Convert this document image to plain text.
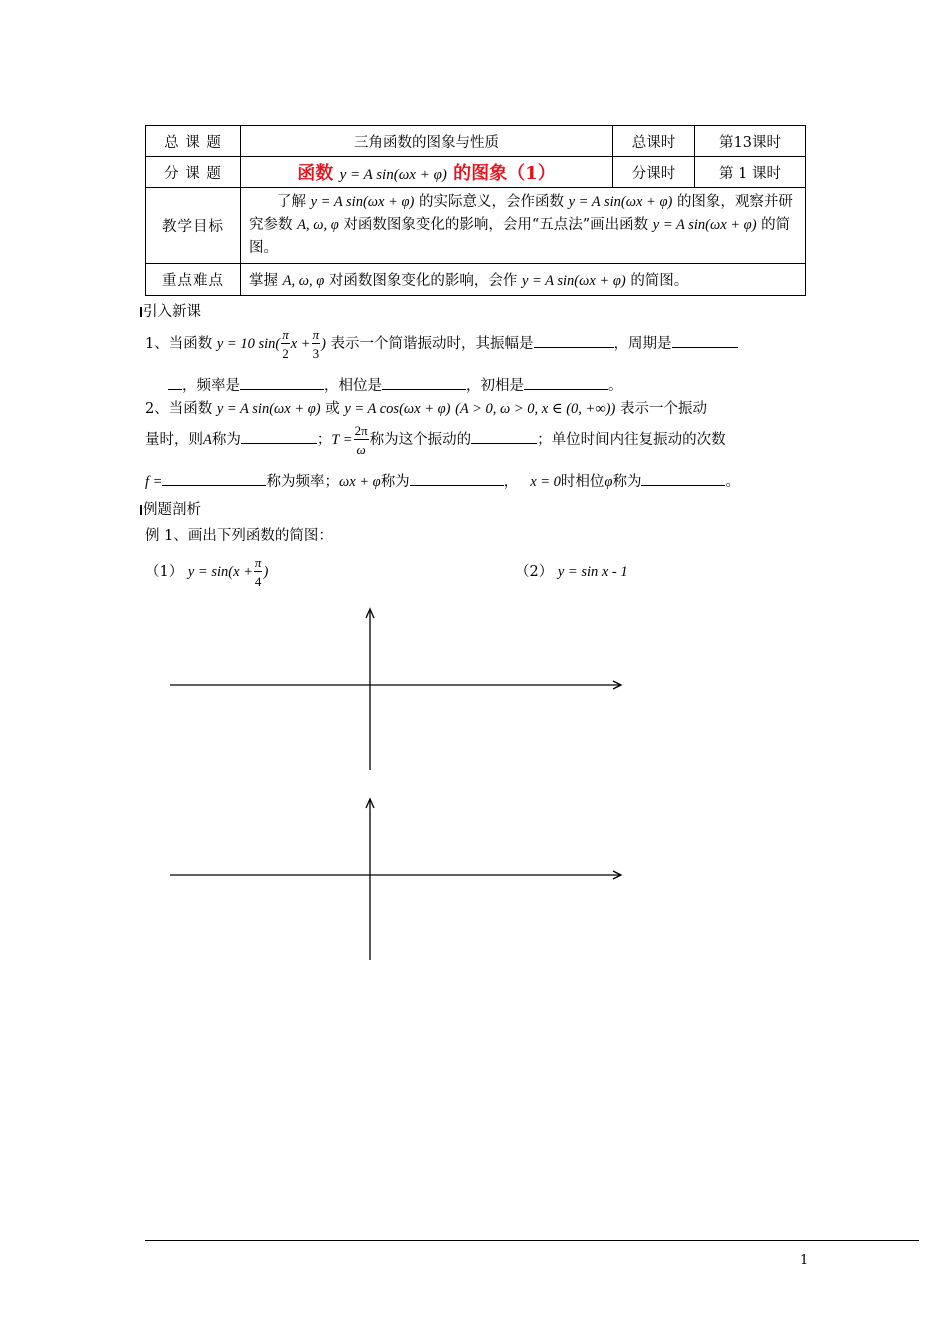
总 课 题	三角函数的图象与性质	总课时	第13课时
分 课 题	函数 y = A sin(ωx + φ) 的图象（1）	分课时	第 1 课时
教学目标	了解 y = A sin(ωx + φ) 的实际意义，会作函数 y = A sin(ωx + φ) 的图象，观察并研究参数 A, ω, φ 对函数图象变化的影响，会用“五点法”画出函数 y = A sin(ωx + φ) 的简图。		
重点难点	掌握 A, ω, φ 对函数图象变化的影响，会作 y = A sin(ωx + φ) 的简图。		
引入新课
1、当函数 y = 10 $\sin( \frac{\pi}{2}$ $x + \frac{\pi}{3}$ ) 表示一个简谐振动时，其振幅是	，周期是
，频率是	，相位是	，初相是	。
2、当函数 y = A sin(ωx + φ) 或 y = A cos(ωx + φ) (A > 0, ω > 0, x ∈ (0, +∞)) 表示一个振动
量时，则A称为	；$T = \frac{2\pi}{\omega}$ 称为这个振动的	；单位时间内往复振动的次数
f =	称为频率；ωx + φ称为	， x = 0时相位φ称为	。
例题剖析
例 1、画出下列函数的简图：
（1） $y = \sin(x + \frac{\pi}{4}$ )	（2） y = sin x - 1
1
